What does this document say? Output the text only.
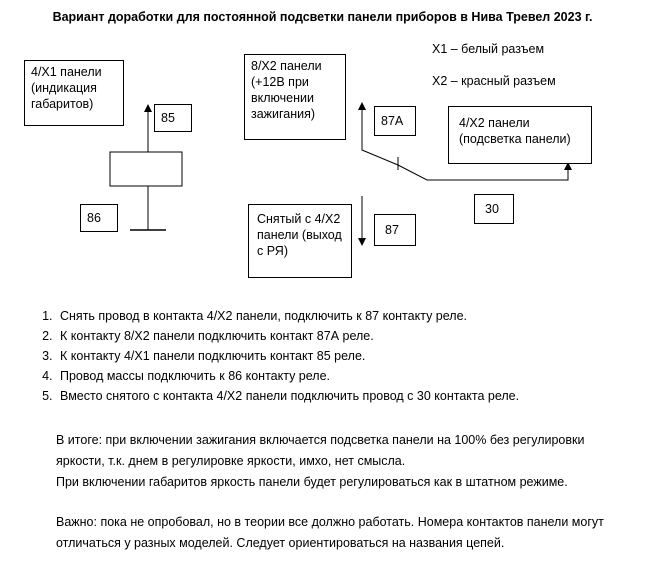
Вариант доработки для постоянной подсветки панели приборов в Нива Тревел 2023 г.
X1 – белый разъем
X2 – красный разъем
4/X1 панели (индикация габаритов)
85
86
8/X2 панели (+12В при включении зажигания)	87A	4/X2 панели (подсветка панели)
Снятый с 4/X2 панели (выход с РЯ)
87
30
1. Снять провод в контакта 4/X2 панели, подключить к 87 контакту реле.
2. К контакту 8/X2 панели подключить контакт 87А реле.
3. К контакту 4/X1 панели подключить контакт 85 реле.
4. Провод массы подключить к 86 контакту реле.
5. Вместо снятого с контакта 4/X2 панели подключить провод с 30 контакта реле.
В итоге: при включении зажигания включается подсветка панели на 100% без регулировки яркости, т.к. днем в регулировке яркости, имхо, нет смысла.
При включении габаритов яркость панели будет регулироваться как в штатном режиме.
Важно: пока не опробовал, но в теории все должно работать. Номера контактов панели могут отличаться у разных моделей. Следует ориентироваться на названия цепей.
